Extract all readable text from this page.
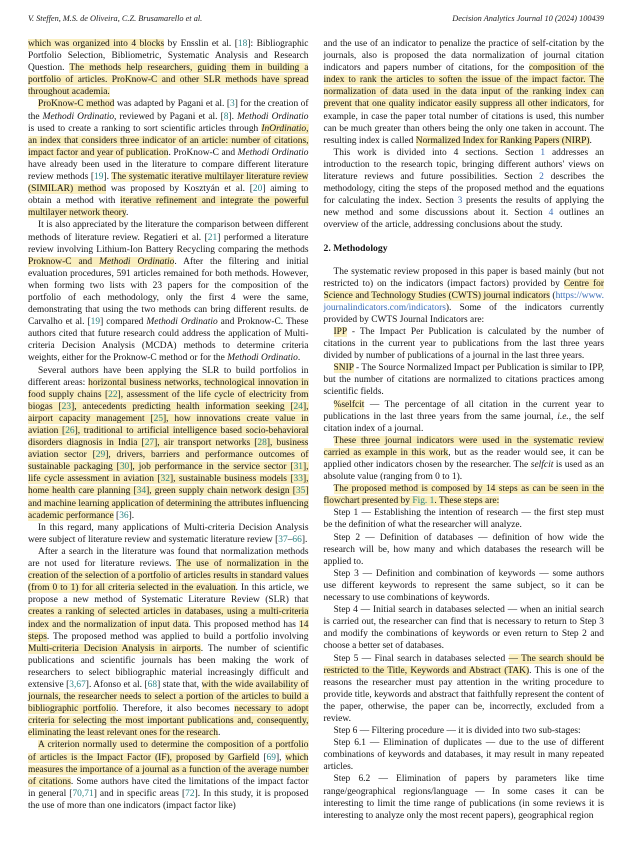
V. Steffen, M.S. de Oliveira, C.Z. Brusamarello et al.	Decision Analytics Journal 10 (2024) 100439

which was organized into 4 blocks by Ensslin et al. [18]: Bibliographic Portfolio Selection, Bibliometric, Systematic Analysis and Research Question. The methods help researchers, guiding them in building a portfolio of articles. ProKnow-C and other SLR methods have spread throughout academia.

ProKnow-C method was adapted by Pagani et al. [3] for the creation of the Methodi Ordinatio, reviewed by Pagani et al. [8]. Methodi Ordinatio is used to create a ranking to sort scientific articles through InOrdinatio, an index that considers three indicator of an article: number of citations, impact factor and year of publication. ProKnow-C and Methodi Ordinatio have already been used in the literature to compare different literature review methods [19]. The systematic iterative multilayer literature review (SIMILAR) method was proposed by Kosztyán et al. [20] aiming to obtain a method with iterative refinement and integrate the powerful multilayer network theory.

It is also appreciated by the literature the comparison between different methods of literature review. Regatieri et al. [21] performed a literature review involving Lithium-Ion Battery Recycling comparing the methods Proknow-C and Methodi Ordinatio. After the filtering and initial evaluation procedures, 591 articles remained for both methods. However, when forming two lists with 23 papers for the composition of the portfolio of each methodology, only the first 4 were the same, demonstrating that using the two methods can bring different results. de Carvalho et al. [19] compared Methodi Ordinatio and Proknow-C. These authors cited that future research could address the application of Multi-criteria Decision Analysis (MCDA) methods to determine criteria weights, either for the Proknow-C method or for the Methodi Ordinatio.

Several authors have been applying the SLR to build portfolios in different areas: horizontal business networks, technological innovation in food supply chains [22], assessment of the life cycle of electricity from biogas [23], antecedents predicting health information seeking [24], airport capacity management [25], how innovations create value in aviation [26], traditional to artificial intelligence based socio-behavioral disorders diagnosis in India [27], air transport networks [28], business aviation sector [29], drivers, barriers and performance outcomes of sustainable packaging [30], job performance in the service sector [31], life cycle assessment in aviation [32], sustainable business models [33], home health care planning [34], green supply chain network design [35] and machine learning application of determining the attributes influencing academic performance [36].

In this regard, many applications of Multi-criteria Decision Analysis were subject of literature review and systematic literature review [37–66].

After a search in the literature was found that normalization methods are not used for literature reviews. The use of normalization in the creation of the selection of a portfolio of articles results in standard values (from 0 to 1) for all criteria selected in the evaluation. In this article, we propose a new method of Systematic Literature Review (SLR) that creates a ranking of selected articles in databases, using a multi-criteria index and the normalization of input data. This proposed method has 14 steps. The proposed method was applied to build a portfolio involving Multi-criteria Decision Analysis in airports. The number of scientific publications and scientific journals has been making the work of researchers to select bibliographic material increasingly difficult and extensive [3,67]. Afonso et al. [68] state that, with the wide availability of journals, the researcher needs to select a portion of the articles to build a bibliographic portfolio. Therefore, it also becomes necessary to adopt criteria for selecting the most important publications and, consequently, eliminating the least relevant ones for the research.

A criterion normally used to determine the composition of a portfolio of articles is the Impact Factor (IF), proposed by Garfield [69], which measures the importance of a journal as a function of the average number of citations. Some authors have cited the limitations of the impact factor in general [70,71] and in specific areas [72]. In this study, it is proposed the use of more than one indicators (impact factor like)

and the use of an indicator to penalize the practice of self-citation by the journals, also is proposed the data normalization of journal citation indicators and papers number of citations, for the composition of the index to rank the articles to soften the issue of the impact factor. The normalization of data used in the data input of the ranking index can prevent that one quality indicator easily suppress all other indicators, for example, in case the paper total number of citations is used, this number can be much greater than others being the only one taken in account. The resulting index is called Normalized Index for Ranking Papers (NIRP).

This work is divided into 4 sections. Section 1 addresses an introduction to the research topic, bringing different authors' views on literature reviews and future possibilities. Section 2 describes the methodology, citing the steps of the proposed method and the equations for calculating the index. Section 3 presents the results of applying the new method and some discussions about it. Section 4 outlines an overview of the article, addressing conclusions about the study.

2. Methodology

The systematic review proposed in this paper is based mainly (but not restricted to) on the indicators (impact factors) provided by Centre for Science and Technology Studies (CWTS) journal indicators (https://www.journalindicators.com/indicators). Some of the indicators currently provided by CWTS Journal Indicators are:

IPP - The Impact Per Publication is calculated by the number of citations in the current year to publications from the last three years divided by number of publications of a journal in the last three years.

SNIP - The Source Normalized Impact per Publication is similar to IPP, but the number of citations are normalized to citations practices among scientific fields.

%selfcit — The percentage of all citation in the current year to publications in the last three years from the same journal, i.e., the self citation index of a journal.

These three journal indicators were used in the systematic review carried as example in this work, but as the reader would see, it can be applied other indicators chosen by the researcher. The selfcit is used as an absolute value (ranging from 0 to 1).

The proposed method is composed by 14 steps as can be seen in the flowchart presented by Fig. 1. These steps are:

Step 1 — Establishing the intention of research — the first step must be the definition of what the researcher will analyze.

Step 2 — Definition of databases — definition of how wide the research will be, how many and which databases the research will be applied to.

Step 3 — Definition and combination of keywords — some authors use different keywords to represent the same subject, so it can be necessary to use combinations of keywords.

Step 4 — Initial search in databases selected — when an initial search is carried out, the researcher can find that is necessary to return to Step 3 and modify the combinations of keywords or even return to Step 2 and choose a better set of databases.

Step 5 — Final search in databases selected — The search should be restricted to the Title, Keywords and Abstract (TAK). This is one of the reasons the researcher must pay attention in the writing procedure to provide title, keywords and abstract that faithfully represent the content of the paper, otherwise, the paper can be, incorrectly, excluded from a review.

Step 6 — Filtering procedure — it is divided into two sub-stages:

Step 6.1 — Elimination of duplicates — due to the use of different combinations of keywords and databases, it may result in many repeated articles.

Step 6.2 — Elimination of papers by parameters like time range/geographical regions/language — In some cases it can be interesting to limit the time range of publications (in some reviews it is interesting to analyze only the most recent papers), geographical region
